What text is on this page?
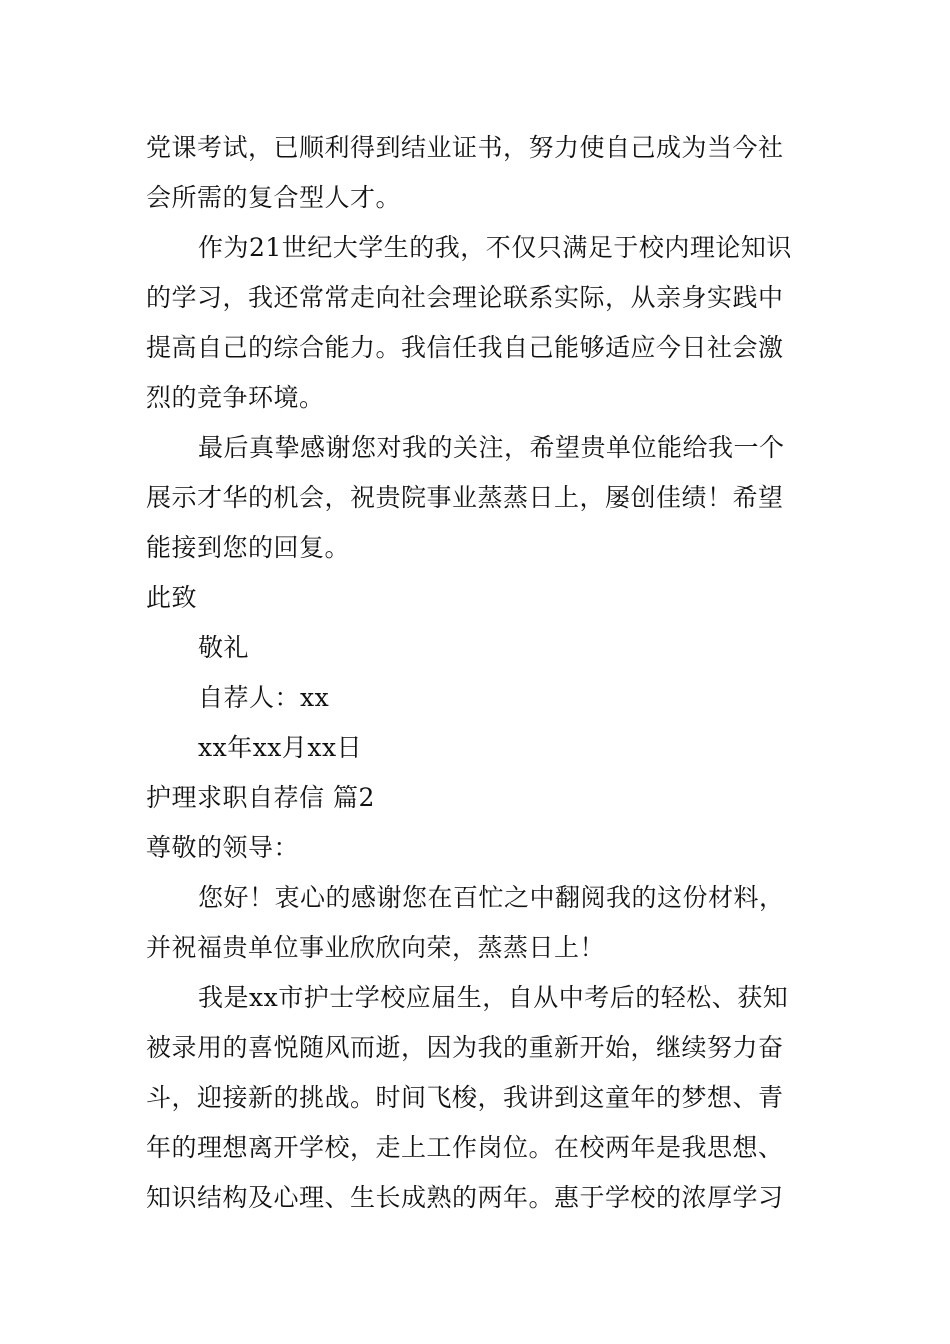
党课考试，已顺利得到结业证书，努力使自己成为当今社
会所需的复合型人才。
作为21世纪大学生的我，不仅只满足于校内理论知识
的学习，我还常常走向社会理论联系实际，从亲身实践中
提高自己的综合能力。我信任我自己能够适应今日社会激
烈的竞争环境。
最后真挚感谢您对我的关注，希望贵单位能给我一个
展示才华的机会，祝贵院事业蒸蒸日上，屡创佳绩！希望
能接到您的回复。
此致
敬礼
自荐人：xx
xx年xx月xx日
护理求职自荐信 篇2
尊敬的领导：
您好！衷心的感谢您在百忙之中翻阅我的这份材料，
并祝福贵单位事业欣欣向荣，蒸蒸日上！
我是xx市护士学校应届生，自从中考后的轻松、获知
被录用的喜悦随风而逝，因为我的重新开始，继续努力奋
斗，迎接新的挑战。时间飞梭，我讲到这童年的梦想、青
年的理想离开学校，走上工作岗位。在校两年是我思想、
知识结构及心理、生长成熟的两年。惠于学校的浓厚学习
